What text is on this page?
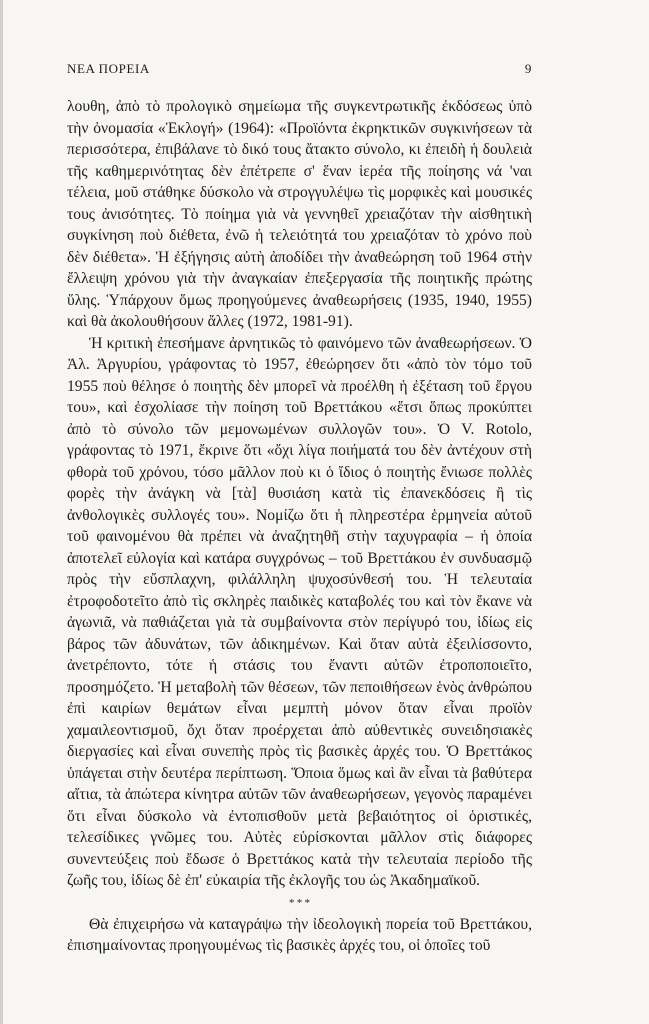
ΝΕΑ ΠΟΡΕΙΑ	9

λουθη, ἀπὸ τὸ προλογικὸ σημείωμα τῆς συγκεντρωτικῆς ἐκδόσεως ὑπὸ τὴν ὀνομασία «Ἐκλογή» (1964): «Προϊόντα ἐκρηκτικῶν συγκινήσεων τὰ περισσότερα, ἐπιβάλανε τὸ δικό τους ἄτακτο σύνολο, κι ἐπειδὴ ἡ δουλειὰ τῆς καθημερινότητας δὲν ἐπέτρεπε σ' ἕναν ἱερέα τῆς ποίησης νά 'ναι τέλεια, μοῦ στάθηκε δύσκολο νὰ στρογγυλέψω τὶς μορφικὲς καὶ μουσικές τους ἀνισότητες. Τὸ ποίημα γιὰ νὰ γεννηθεῖ χρειαζόταν τὴν αἰσθητικὴ συγκίνηση ποὺ διέθετα, ἐνῶ ἡ τελειότητά του χρειαζόταν τὸ χρόνο ποὺ δὲν διέθετα». Ἡ ἐξήγησις αὐτὴ ἀποδίδει τὴν ἀναθεώρηση τοῦ 1964 στὴν ἔλλειψη χρόνου γιὰ τὴν ἀναγκαίαν ἐπεξεργασία τῆς ποιητικῆς πρώτης ὕλης. Ὑπάρχουν ὅμως προηγούμενες ἀναθεωρήσεις (1935, 1940, 1955) καὶ θὰ ἀκολουθήσουν ἄλλες (1972, 1981-91).

Ἡ κριτικὴ ἐπεσήμανε ἀρνητικῶς τὸ φαινόμενο τῶν ἀναθεωρήσεων. Ὁ Ἀλ. Ἀργυρίου, γράφοντας τὸ 1957, ἐθεώρησεν ὅτι «ἀπὸ τὸν τόμο τοῦ 1955 ποὺ θέλησε ὁ ποιητὴς δὲν μπορεῖ νὰ προέλθη ἡ ἐξέταση τοῦ ἔργου του», καὶ ἐσχολίασε τὴν ποίηση τοῦ Βρεττάκου «ἔτσι ὅπως προκύπτει ἀπὸ τὸ σύνολο τῶν μεμονωμένων συλλογῶν του». Ὁ V. Rotolo, γράφοντας τὸ 1971, ἔκρινε ὅτι «ὄχι λίγα ποιήματά του δὲν ἀντέχουν στὴ φθορὰ τοῦ χρόνου, τόσο μᾶλλον ποὺ κι ὁ ἴδιος ὁ ποιητὴς ἔνιωσε πολλὲς φορὲς τὴν ἀνάγκη νὰ [τὰ] θυσιάση κατὰ τὶς ἐπανεκδόσεις ἢ τὶς ἀνθολογικὲς συλλογές του». Νομίζω ὅτι ἡ πληρεστέρα ἑρμηνεία αὐτοῦ τοῦ φαινομένου θὰ πρέπει νὰ ἀναζητηθῆ στὴν ταχυγραφία – ἡ ὁποία ἀποτελεῖ εὐλογία καὶ κατάρα συγχρόνως – τοῦ Βρεττάκου ἐν συνδυασμῷ πρὸς τὴν εὔσπλαχνη, φιλάλληλη ψυχοσύνθεσή του. Ἡ τελευταία ἐτροφοδοτεῖτο ἀπὸ τὶς σκληρὲς παιδικὲς καταβολές του καὶ τὸν ἔκανε νὰ ἀγωνιᾶ, νὰ παθιάζεται γιὰ τὰ συμβαίνοντα στὸν περίγυρό του, ἰδίως εἰς βάρος τῶν ἀδυνάτων, τῶν ἀδικημένων. Καὶ ὅταν αὐτὰ ἐξειλίσσοντο, ἀνετρέποντο, τότε ἡ στάσις του ἔναντι αὐτῶν ἐτροποποιεῖτο, προσημόζετο. Ἡ μεταβολὴ τῶν θέσεων, τῶν πεποιθήσεων ἑνὸς ἀνθρώπου ἐπὶ καιρίων θεμάτων εἶναι μεμπτὴ μόνον ὅταν εἶναι προϊὸν χαμαιλεοντισμοῦ, ὄχι ὅταν προέρχεται ἀπὸ αὐθεντικὲς συνειδησιακὲς διεργασίες καὶ εἶναι συνεπὴς πρὸς τὶς βασικὲς ἀρχές του. Ὁ Βρεττάκος ὑπάγεται στὴν δευτέρα περίπτωση. Ὅποια ὅμως καὶ ἂν εἶναι τὰ βαθύτερα αἴτια, τὰ ἀπώτερα κίνητρα αὐτῶν τῶν ἀναθεωρήσεων, γεγονὸς παραμένει ὅτι εἶναι δύσκολο νὰ ἐντοπισθοῦν μετὰ βεβαιότητος οἱ ὁριστικές, τελεσίδικες γνῶμες του. Αὐτὲς εὑρίσκονται μᾶλλον στὶς διάφορες συνεντεύξεις ποὺ ἔδωσε ὁ Βρεττάκος κατὰ τὴν τελευταία περίοδο τῆς ζωῆς του, ἰδίως δὲ ἐπ' εὐκαιρία τῆς ἐκλογῆς του ὡς Ἀκαδημαϊκοῦ.

* * *

Θὰ ἐπιχειρήσω νὰ καταγράψω τὴν ἰδεολογικὴ πορεία τοῦ Βρεττάκου, ἐπισημαίνοντας προηγουμένως τὶς βασικὲς ἀρχές του, οἱ ὁποῖες τοῦ
